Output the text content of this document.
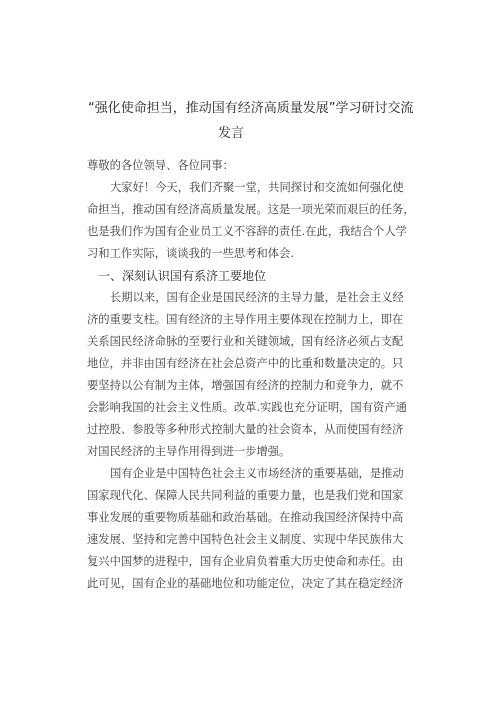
“强化使命担当，推动国有经济高质量发展”学习研讨交流
发言
尊敬的各位领导、各位同事：
大家好！今天，我们齐聚一堂，共同探讨和交流如何强化使
命担当，推动国有经济高质量发展。这是一项光荣而艰巨的任务，
也是我们作为国有企业员工义不容辞的责任.在此，我结合个人学
习和工作实际，谈谈我的一些思考和体会.
一、深刻认识国有系济工要地位
长期以来，国有企业是国民经济的主导力量，是社会主义经
济的重要支柱。国有经济的主导作用主要体现在控制力上，即在
关系国民经济命脉的至要行业和关键领域，国有经济必须占支配
地位，并非由国有经济在社会总资产中的比重和数量决定的。只
要坚持以公有制为主体，增强国有经济的控制力和竞争力，就不
会影响我国的社会主义性质。改革.实践也充分证明，国有资产通
过控股、参股等多种形式控制大量的社会资本，从而使国有经济
对国民经济的主导作用得到进一步增强。
国有企业是中国特色社会主义市场经济的重要基础，是推动
国家现代化、保障人民共同利益的重要力量，也是我们党和国家
事业发展的重要物质基础和政治基础。在推动我国经济保持中高
速发展、坚持和完善中国特色社会主义制度、实现中华民族伟大
复兴中国梦的进程中，国有企业肩负着重大历史使命和赤任。由
此可见，国有企业的基础地位和功能定位，决定了其在稳定经济
